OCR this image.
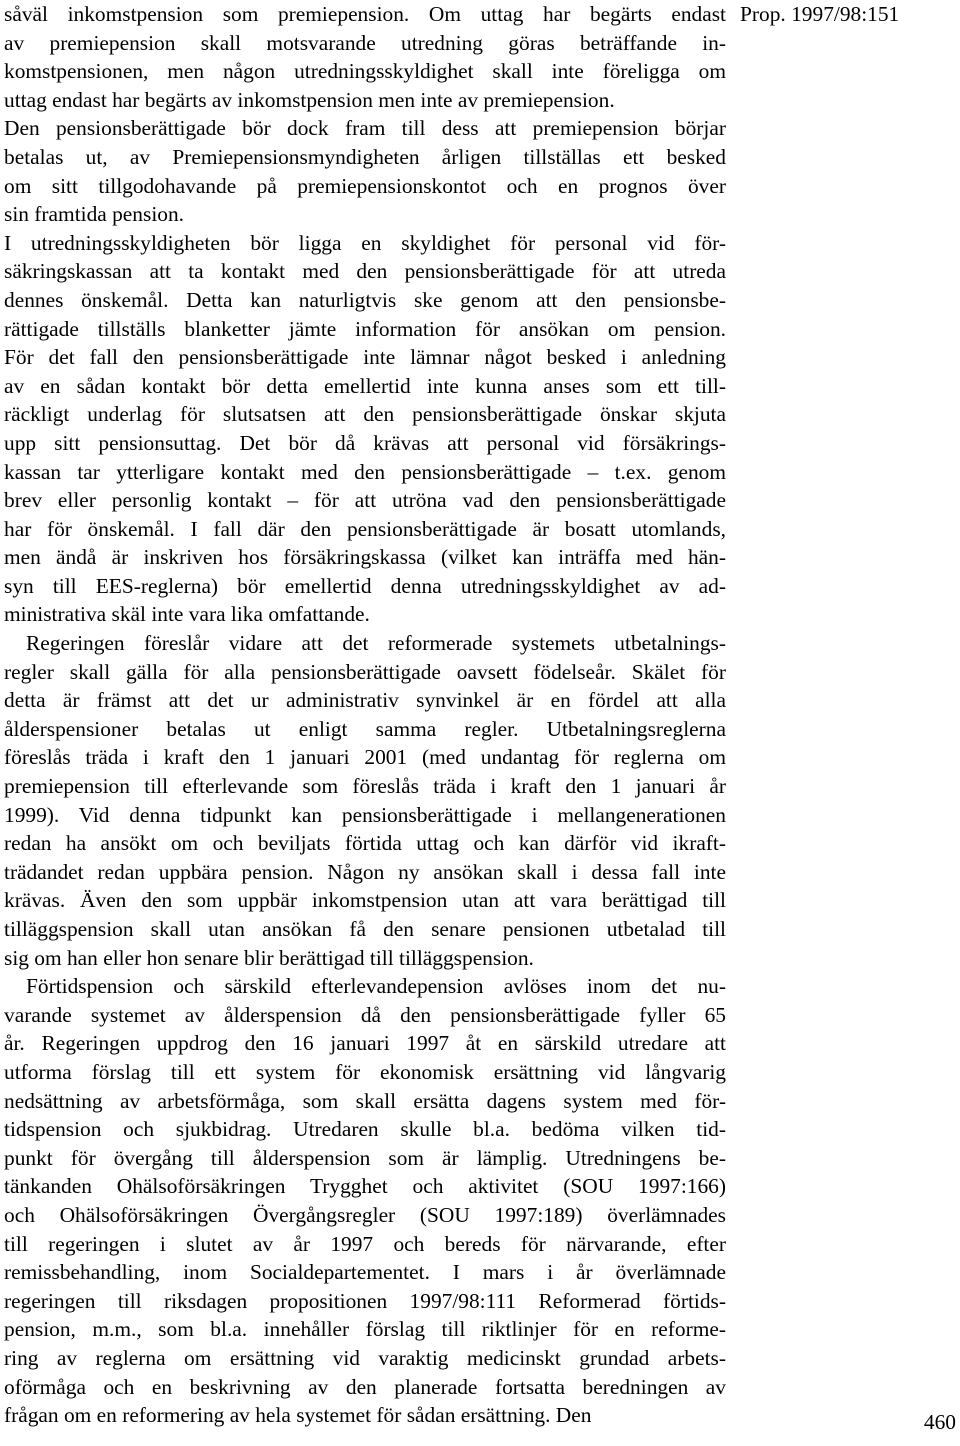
såväl inkomstpension som premiepension. Om uttag har begärts endast
av premiepension skall motsvarande utredning göras beträffande in-
komstpensionen, men någon utredningsskyldighet skall inte föreligga om
uttag endast har begärts av inkomstpension men inte av premiepension.
Den pensionsberättigade bör dock fram till dess att premiepension börjar
betalas ut, av Premiepensionsmyndigheten årligen tillställas ett besked
om sitt tillgodohavande på premiepensionskontot och en prognos över
sin framtida pension.
I utredningsskyldigheten bör ligga en skyldighet för personal vid för-
säkringskassan att ta kontakt med den pensionsberättigade för att utreda
dennes önskemål. Detta kan naturligtvis ske genom att den pensionsbe-
rättigade tillställs blanketter jämte information för ansökan om pension.
För det fall den pensionsberättigade inte lämnar något besked i anledning
av en sådan kontakt bör detta emellertid inte kunna anses som ett till-
räckligt underlag för slutsatsen att den pensionsberättigade önskar skjuta
upp sitt pensionsuttag. Det bör då krävas att personal vid försäkrings-
kassan tar ytterligare kontakt med den pensionsberättigade – t.ex. genom
brev eller personlig kontakt – för att utröna vad den pensionsberättigade
har för önskemål. I fall där den pensionsberättigade är bosatt utomlands,
men ändå är inskriven hos försäkringskassa (vilket kan inträffa med hän-
syn till EES-reglerna) bör emellertid denna utredningsskyldighet av ad-
ministrativa skäl inte vara lika omfattande.
Regeringen föreslår vidare att det reformerade systemets utbetalnings-
regler skall gälla för alla pensionsberättigade oavsett födelseår. Skälet för
detta är främst att det ur administrativ synvinkel är en fördel att alla
ålderspensioner betalas ut enligt samma regler. Utbetalningsreglerna
föreslås träda i kraft den 1 januari 2001 (med undantag för reglerna om
premiepension till efterlevande som föreslås träda i kraft den 1 januari år
1999). Vid denna tidpunkt kan pensionsberättigade i mellangenerationen
redan ha ansökt om och beviljats förtida uttag och kan därför vid ikraft-
trädandet redan uppbära pension. Någon ny ansökan skall i dessa fall inte
krävas. Även den som uppbär inkomstpension utan att vara berättigad till
tilläggspension skall utan ansökan få den senare pensionen utbetalad till
sig om han eller hon senare blir berättigad till tilläggspension.
Förtidspension och särskild efterlevandepension avlöses inom det nu-
varande systemet av ålderspension då den pensionsberättigade fyller 65
år. Regeringen uppdrog den 16 januari 1997 åt en särskild utredare att
utforma förslag till ett system för ekonomisk ersättning vid långvarig
nedsättning av arbetsförmåga, som skall ersätta dagens system med för-
tidspension och sjukbidrag. Utredaren skulle bl.a. bedöma vilken tid-
punkt för övergång till ålderspension som är lämplig. Utredningens be-
tänkanden Ohälsoförsäkringen Trygghet och aktivitet (SOU 1997:166)
och Ohälsoförsäkringen Övergångsregler (SOU 1997:189) överlämnades
till regeringen i slutet av år 1997 och bereds för närvarande, efter
remissbehandling, inom Socialdepartementet. I mars i år överlämnade
regeringen till riksdagen propositionen 1997/98:111 Reformerad förtids-
pension, m.m., som bl.a. innehåller förslag till riktlinjer för en reforme-
ring av reglerna om ersättning vid varaktig medicinskt grundad arbets-
oförmåga och en beskrivning av den planerade fortsatta beredningen av
frågan om en reformering av hela systemet för sådan ersättning. Den
Prop. 1997/98:151
460
